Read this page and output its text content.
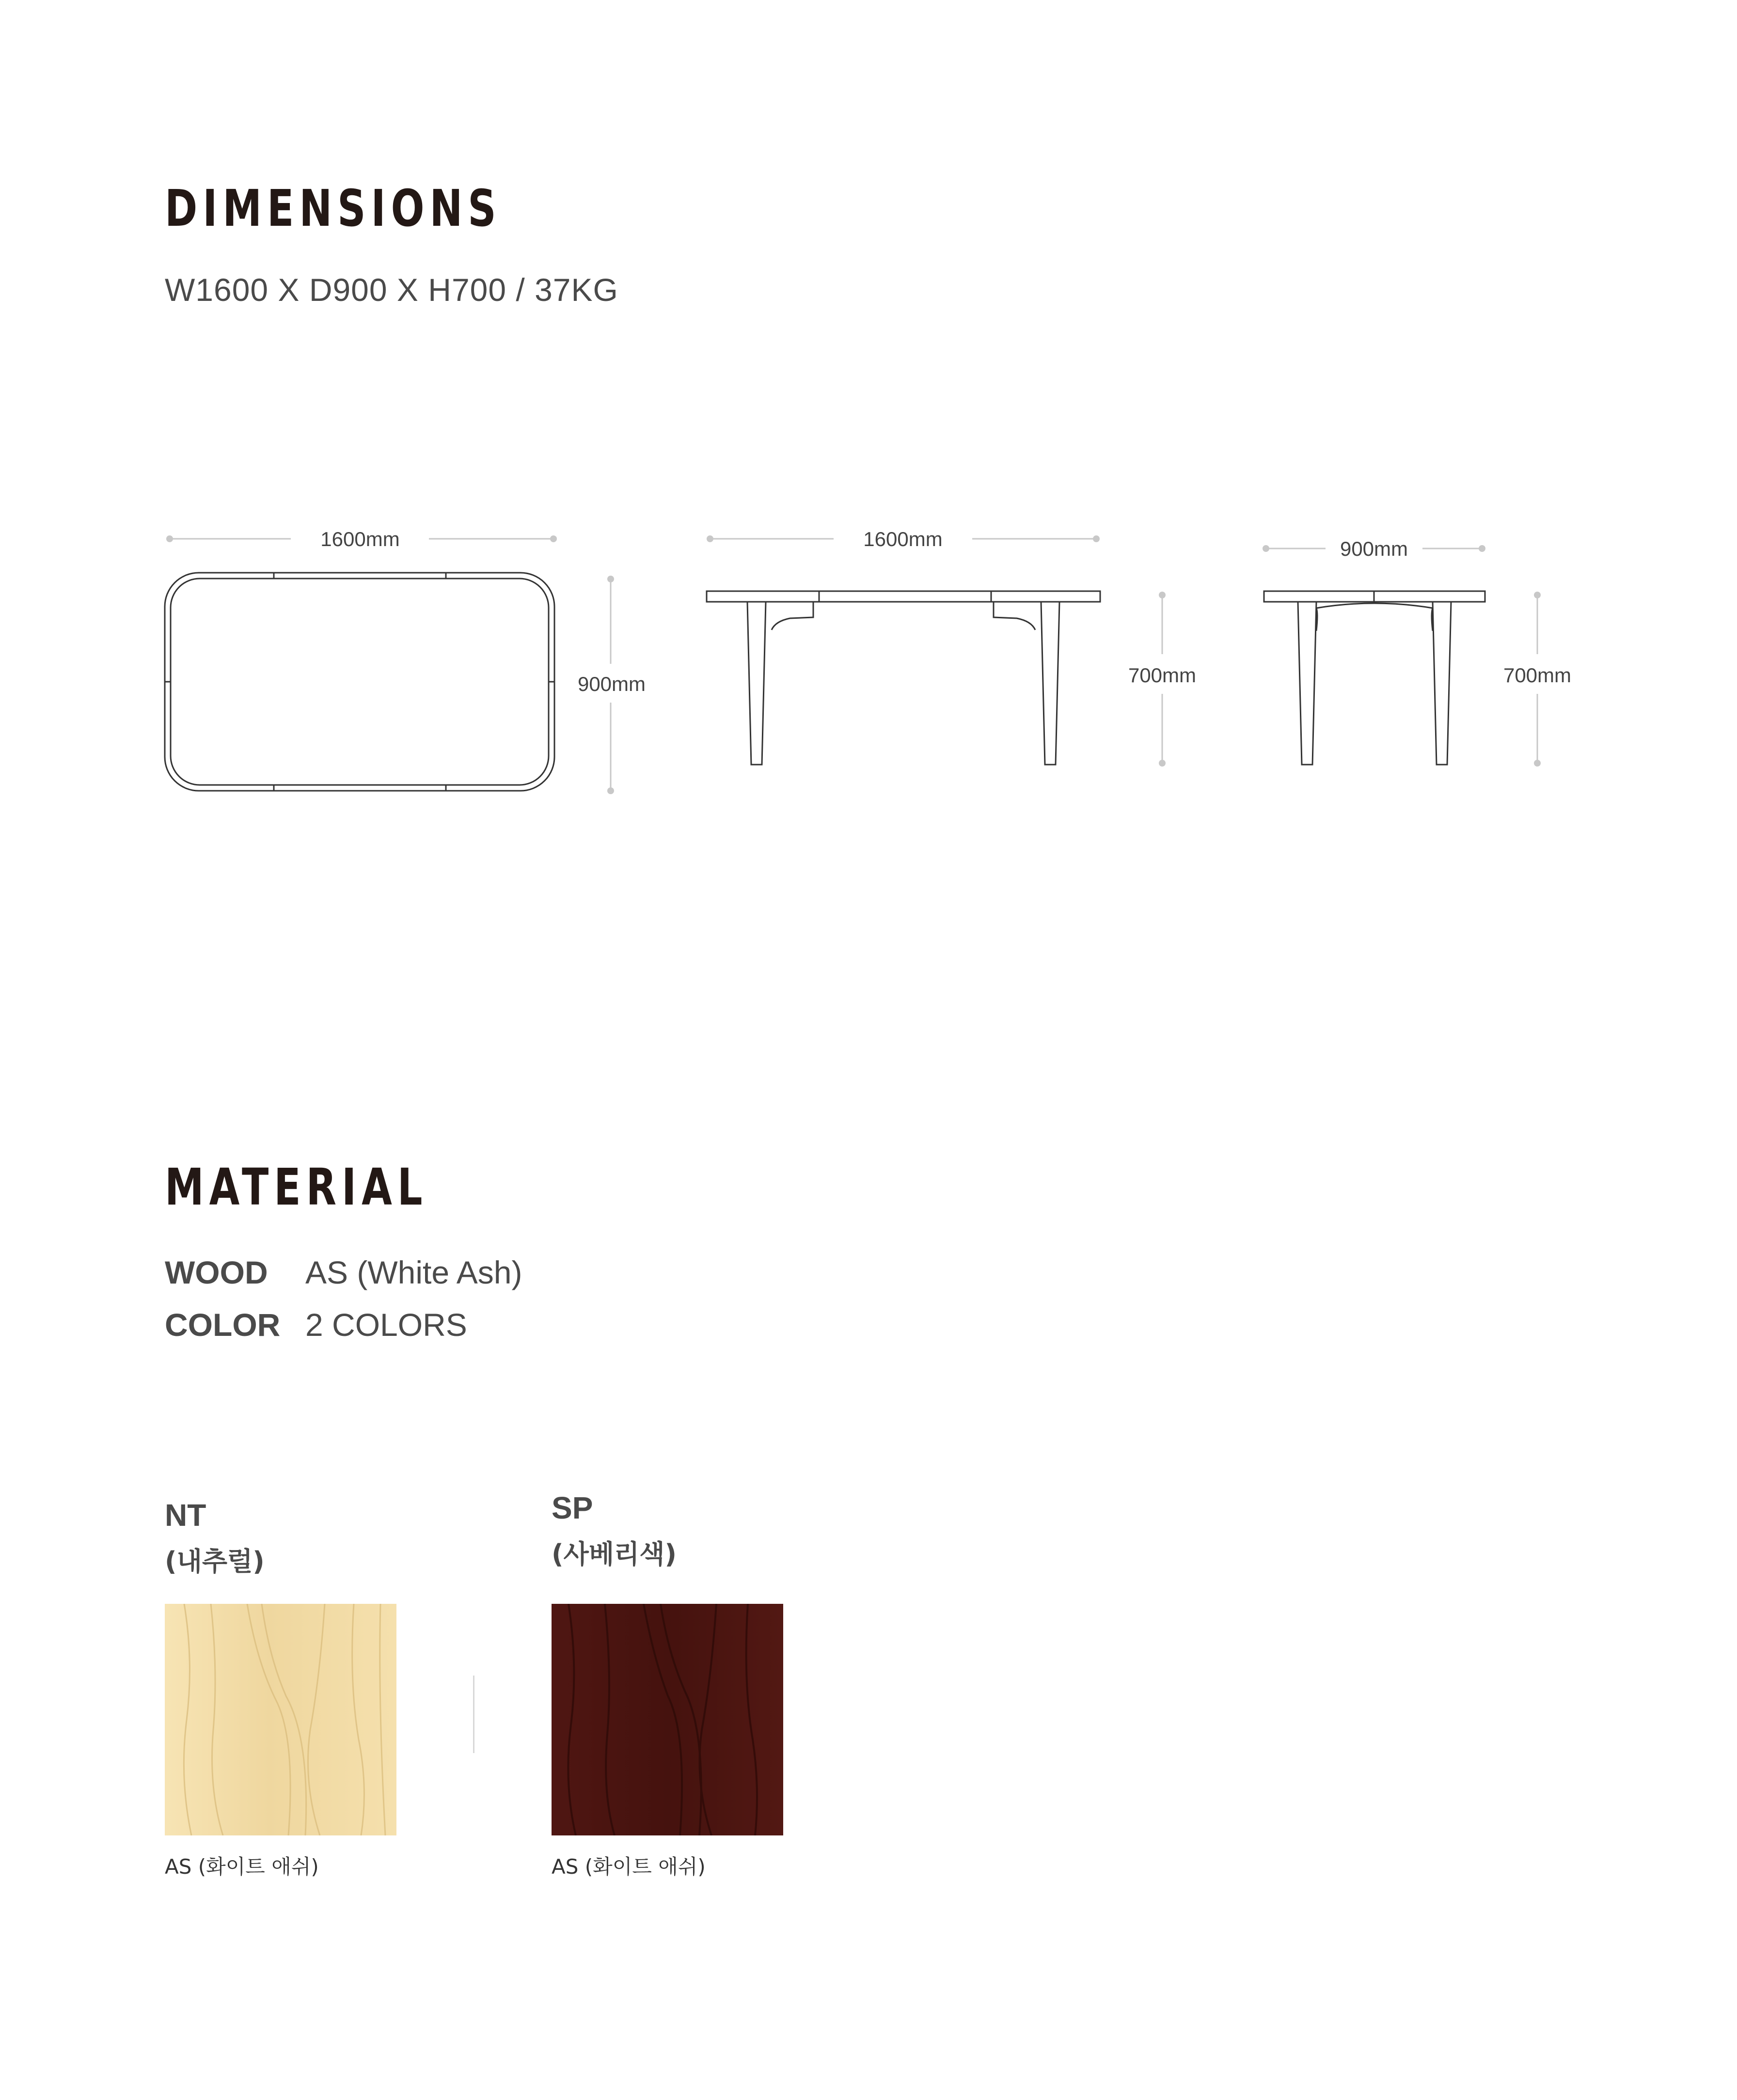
DIMENSIONS
W1600 X D900 X H700 / 37KG
1600mm
900mm
1600mm
700mm
900mm
700mm
MATERIAL
WOOD AS (White Ash)
COLOR 2 COLORS
NT
(내추럴)
AS (화이트 애쉬)
SP
(사베리색)
AS (화이트 애쉬)
